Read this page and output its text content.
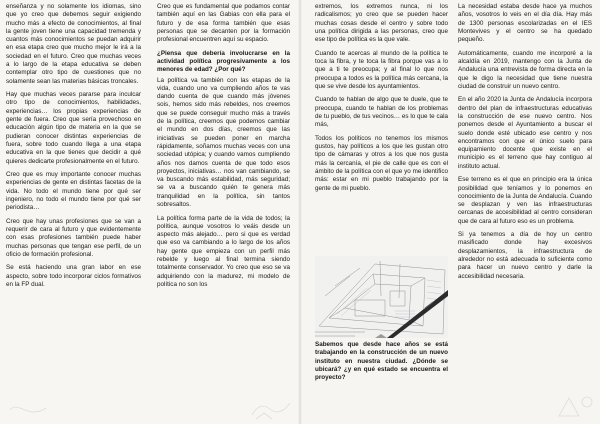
enseñanza y no solamente los idiomas, sino que yo creo que debemos seguir exigiendo mucho más a efecto de conocimientos, al final la gente joven tiene una capacidad tremenda y cuantos más conocimientos se puedan adquirir en esa etapa creo que mucho mejor le irá a la sociedad en el futuro. Creo que muchas veces a lo largo de la etapa educativa se deben contemplar otro tipo de cuestiones que no solamente sean las materias básicas troncales.

Hay que muchas veces pararse para inculcar otro tipo de conocimientos, habilidades, experiencias… los propias experiencias de gente de fuera. Creo que sería provechoso en educación algún tipo de materia en la que se pudieran conocer distintas experiencias de fuera, sobre todo cuando llega a una etapa educativa en la que tienes que decidir a qué quieres dedicarte profesionalmente en el futuro.

Creo que es muy importante conocer muchas experiencias de gente en distintas facetas de la vida. No todo el mundo tiene por qué ser ingeniero, no todo el mundo tiene por qué ser periodista…

Creo que hay unas profesiones que se van a requerir de cara al futuro y que evidentemente con esas profesiones también puede haber muchas personas que tengan ese perfil, de un oficio de formación profesional.

Se está haciendo una gran labor en ese aspecto, sobre todo incorporar ciclos formativos en la FP dual.

Creo que es fundamental que podamos contar también aquí en las Gabias con ella para el futuro y de esa forma también que esas personas que se decanten por la formación profesional encuentren aquí su espacio.

¿Piensa que debería involucrarse en la actividad política progresivamente a los menores de edad? ¿Por qué?

La política va también con las etapas de la vida, cuando uno va cumpliendo años te vas dando cuenta de que cuando más jóvenes sois, hemos sido más rebeldes, nos creemos que se puede conseguir mucho más a través de la política, creemos que podemos cambiar el mundo en dos días, creemos que las iniciativas se pueden poner en marcha rápidamente, soñamos muchas veces con una sociedad utópica; y cuando vamos cumpliendo años nos damos cuenta de que todo esos proyectos, iniciativas… nos van cambiando, se va buscando más estabilidad, más seguridad; se va a buscando quién te genera más tranquilidad en la política, sin tantos sobresaltos.

La política forma parte de la vida de todos; la política, aunque vosotros lo veáis desde un aspecto más alejado… pero si que es verdad que eso va cambiando a lo largo de los años hay gente que empieza con un perfil más rebelde y luego al final termina siendo totalmente conservador. Yo creo que eso se va adquiriendo con la madurez, mi modelo de política no son los

extremos, los extremos nunca, ni los radicalismos; yo creo que se pueden hacer muchas cosas desde el centro y sobre todo una política dirigida a las personas, creo que ese tipo de política es la que vale.

Cuando te acercas al mundo de la política te toca la fibra, y te toca la fibra porque vas a lo que a ti te preocupa; y al final lo que nos preocupa a todos es la política más cercana, la que se vive desde los ayuntamientos.

Cuando te hablan de algo que te duele, que te preocupa, cuando te hablan de los problemas de tu pueblo, de tus vecinos… es lo que te cala más,

Todos los políticos no tenemos los mismos gustos, hay políticos a los que les gustan otro tipo de cámaras y otros a los que nos gusta más la cercanía, el pie de calle que es con el ámbito de la política con el que yo me identifico más: estar en mi pueblo trabajando por la gente de mi pueblo.

Sabemos que desde hace años se está trabajando en la construcción de un nuevo instituto en nuestra ciudad. ¿Dónde se ubicará? ¿y en qué estado se encuentra el proyecto?

La necesidad estaba desde hace ya muchos años, vosotros lo veis en el día día. Hay más de 1300 personas escolarizadas en el IES Montevives y el centro se ha quedado pequeño.

Automáticamente, cuando me incorporé a la alcaldía en 2019, mantengo con la Junta de Andalucía una entrevista de forma directa en la que le digo la necesidad que tiene nuestra ciudad de construir un nuevo centro.

En el año 2020 la Junta de Andalucía incorpora dentro del plan de infraestructuras educativas la construcción de ese nuevo centro. Nos ponemos desde el Ayuntamiento a buscar el suelo donde esté ubicado ese centro y nos encontramos con que el único suelo para equipamiento docente que existe en el municipio es el terreno que hay contiguo al instituto actual.

Ese terreno es el que en principio era la única posibilidad que teníamos y lo ponemos en conocimiento de la Junta de Andalucía. Cuando se desplazan y ven las infraestructuras cercanas de accesibilidad al centro consideran que de cara al futuro eso es un problema.

Si ya tenemos a día de hoy un centro masificado donde hay excesivos desplazamientos, la infraestructura de alrededor no está adecuada lo suficiente como para hacer un nuevo centro y darle la accesibilidad necesaria.
